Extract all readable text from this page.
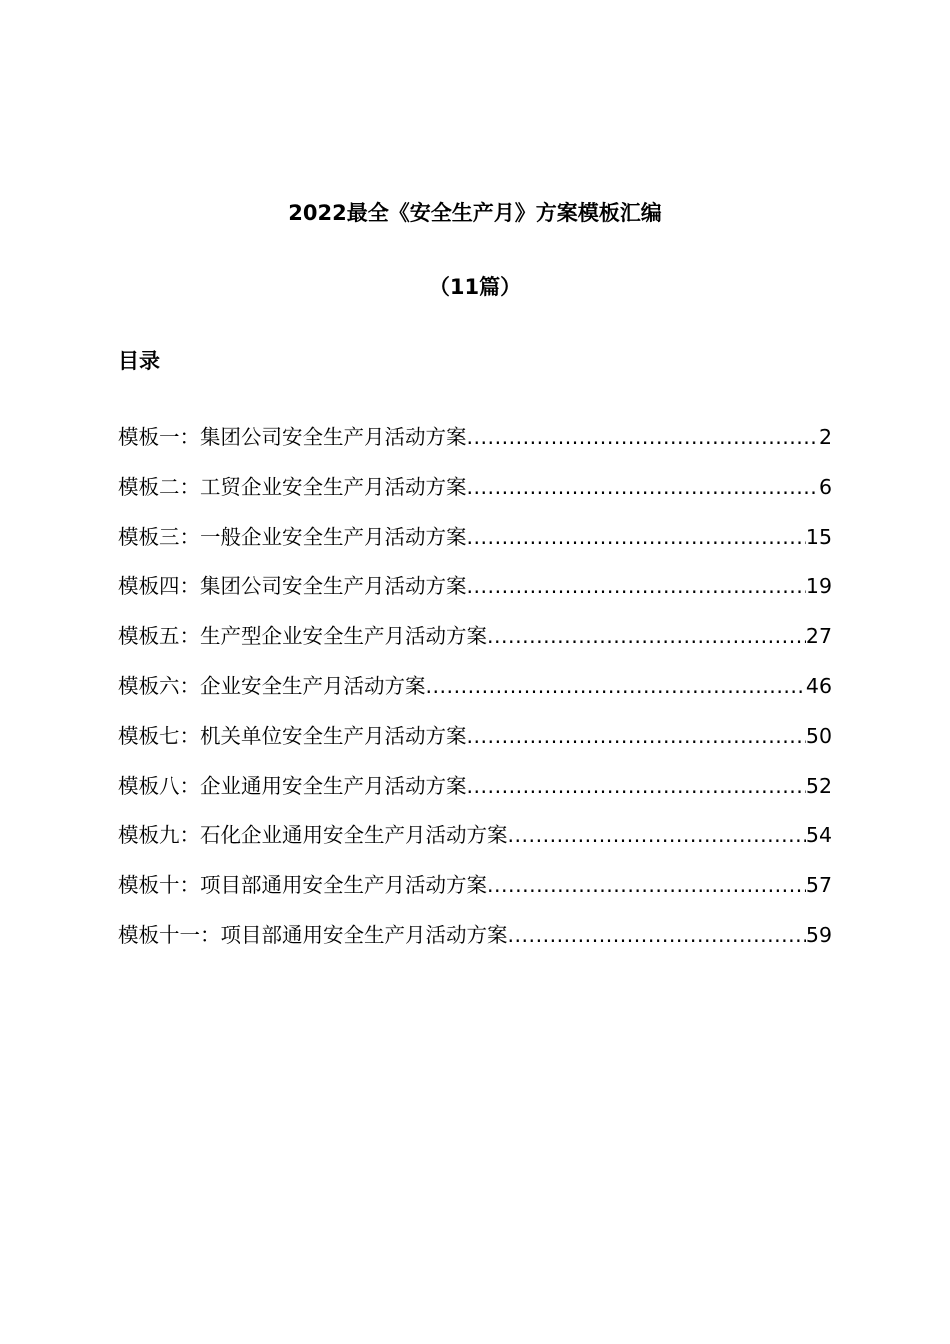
2022最全《安全生产月》方案模板汇编
（11篇）
目录
模板一：集团公司安全生产月活动方案 .....	2
模板二：工贸企业安全生产月活动方案 .....	6
模板三：一般企业安全生产月活动方案 .....	15
模板四：集团公司安全生产月活动方案 .....	19
模板五：生产型企业安全生产月活动方案 .....	27
模板六：企业安全生产月活动方案 .....	46
模板七：机关单位安全生产月活动方案 .....	50
模板八：企业通用安全生产月活动方案 .....	52
模板九：石化企业通用安全生产月活动方案 .....	54
模板十：项目部通用安全生产月活动方案 .....	57
模板十一：项目部通用安全生产月活动方案 .....	59
